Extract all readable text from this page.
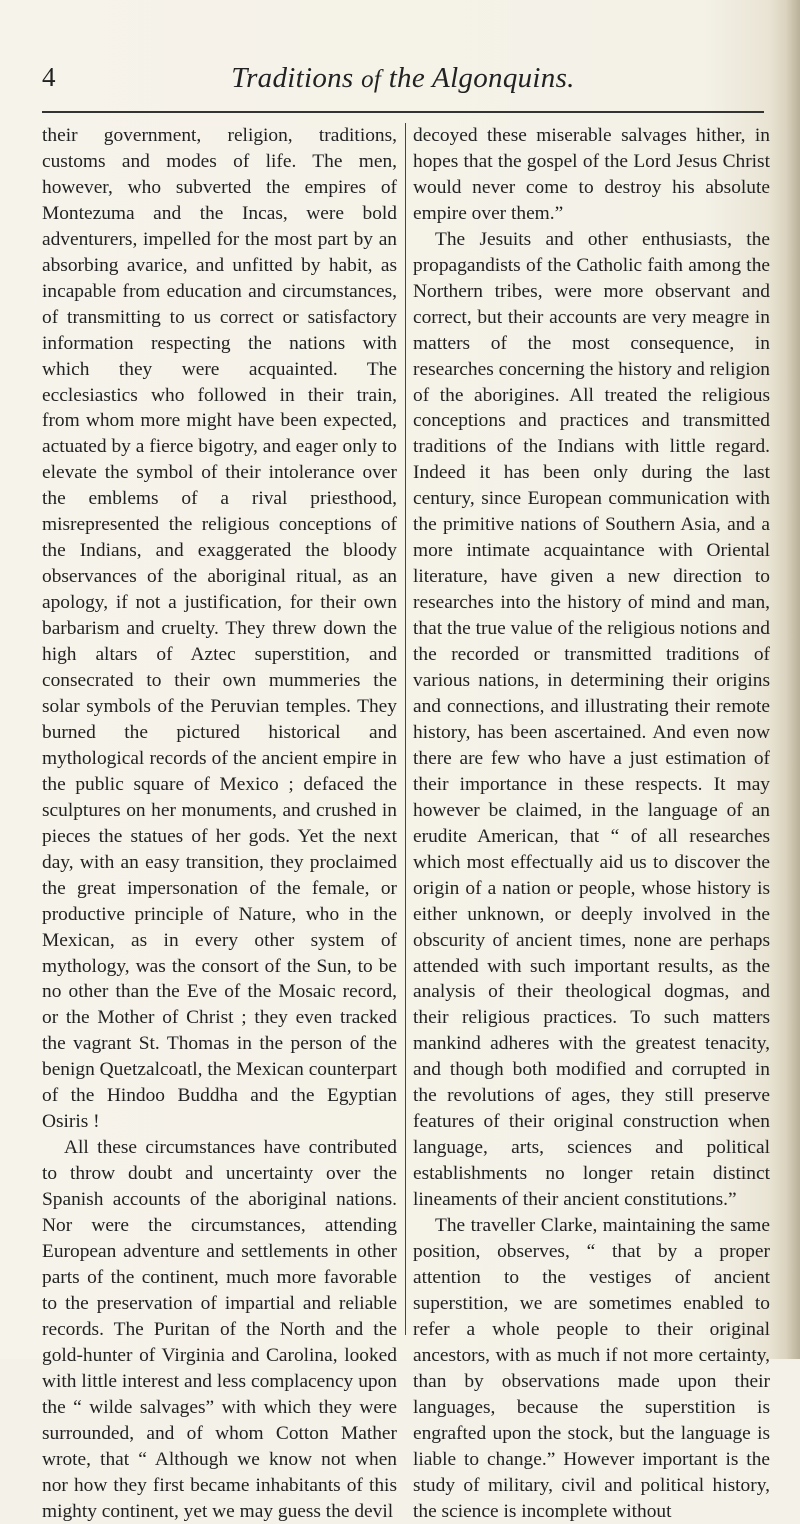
4	Traditions of the Algonquins.

their government, religion, traditions, customs and modes of life. The men, however, who subverted the empires of Montezuma and the Incas, were bold adventurers, impelled for the most part by an absorbing avarice, and unfitted by habit, as incapable from education and circumstances, of transmitting to us correct or satisfactory information respecting the nations with which they were acquainted. The ecclesiastics who followed in their train, from whom more might have been expected, actuated by a fierce bigotry, and eager only to elevate the symbol of their intolerance over the emblems of a rival priesthood, misrepresented the religious conceptions of the Indians, and exaggerated the bloody observances of the aboriginal ritual, as an apology, if not a justification, for their own barbarism and cruelty. They threw down the high altars of Aztec superstition, and consecrated to their own mummeries the solar symbols of the Peruvian temples. They burned the pictured historical and mythological records of the ancient empire in the public square of Mexico ; defaced the sculptures on her monuments, and crushed in pieces the statues of her gods. Yet the next day, with an easy transition, they proclaimed the great impersonation of the female, or productive principle of Nature, who in the Mexican, as in every other system of mythology, was the consort of the Sun, to be no other than the Eve of the Mosaic record, or the Mother of Christ ; they even tracked the vagrant St. Thomas in the person of the benign Quetzalcoatl, the Mexican counterpart of the Hindoo Buddha and the Egyptian Osiris !

All these circumstances have contributed to throw doubt and uncertainty over the Spanish accounts of the aboriginal nations. Nor were the circumstances, attending European adventure and settlements in other parts of the continent, much more favorable to the preservation of impartial and reliable records. The Puritan of the North and the gold-hunter of Virginia and Carolina, looked with little interest and less complacency upon the “ wilde salvages” with which they were surrounded, and of whom Cotton Mather wrote, that “ Although we know not when nor how they first became inhabitants of this mighty continent, yet we may guess the devil

decoyed these miserable salvages hither, in hopes that the gospel of the Lord Jesus Christ would never come to destroy his absolute empire over them.”

The Jesuits and other enthusiasts, the propagandists of the Catholic faith among the Northern tribes, were more observant and correct, but their accounts are very meagre in matters of the most consequence, in researches concerning the history and religion of the aborigines. All treated the religious conceptions and practices and transmitted traditions of the Indians with little regard. Indeed it has been only during the last century, since European communication with the primitive nations of Southern Asia, and a more intimate acquaintance with Oriental literature, have given a new direction to researches into the history of mind and man, that the true value of the religious notions and the recorded or transmitted traditions of various nations, in determining their origins and connections, and illustrating their remote history, has been ascertained. And even now there are few who have a just estimation of their importance in these respects. It may however be claimed, in the language of an erudite American, that “ of all researches which most effectually aid us to discover the origin of a nation or people, whose history is either unknown, or deeply involved in the obscurity of ancient times, none are perhaps attended with such important results, as the analysis of their theological dogmas, and their religious practices. To such matters mankind adheres with the greatest tenacity, and though both modified and corrupted in the revolutions of ages, they still preserve features of their original construction when language, arts, sciences and political establishments no longer retain distinct lineaments of their ancient constitutions.”

The traveller Clarke, maintaining the same position, observes, “ that by a proper attention to the vestiges of ancient superstition, we are sometimes enabled to refer a whole people to their original ancestors, with as much if not more certainty, than by observations made upon their languages, because the superstition is engrafted upon the stock, but the language is liable to change.” However important is the study of military, civil and political history, the science is incomplete without
